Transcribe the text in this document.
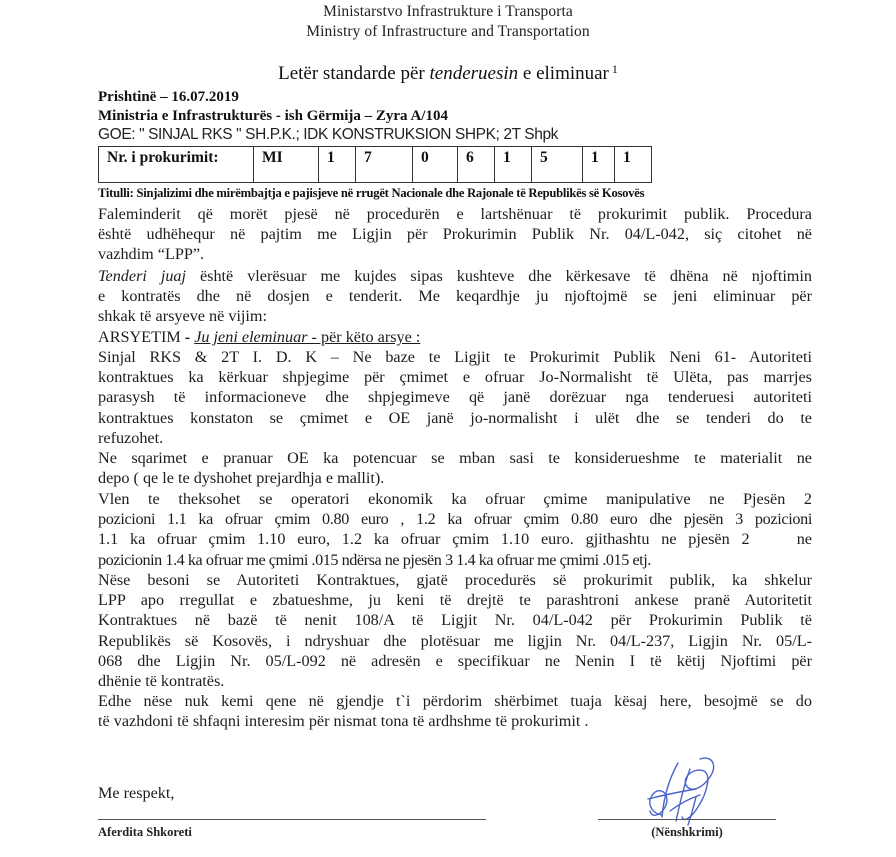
Ministarstvo Infrastrukture i Transporta
Ministry of Infrastructure and Transportation
Letër standarde për tenderuesin e eliminuar $^1$
Prishtinë – 16.07.2019
Ministria e Infrastrukturës - ish Gërmija – Zyra A/104
GOE: " SINJAL RKS " SH.P.K.; IDK KONSTRUKSION SHPK; 2T Shpk
Nr. i prokurimit:	MI	1	7	0	6	1	5	1	1
Titulli: Sinjalizimi dhe mirëmbajtja e pajisjeve në rrugët Nacionale dhe Rajonale të Republikës së Kosovës
Faleminderit që morët pjesë në procedurën e lartshënuar të prokurimit publik. Procedura
është udhëhequr në pajtim me Ligjin për Prokurimin Publik Nr. 04/L-042, siç citohet në
vazhdim “LPP”.
Tenderi juaj është vlerësuar me kujdes sipas kushteve dhe kërkesave të dhëna në njoftimin
e kontratës dhe në dosjen e tenderit. Me keqardhje ju njoftojmë se jeni eliminuar për
shkak të arsyeve në vijim:
ARSYETIM - Ju jeni eleminuar - për këto arsye :
Sinjal RKS & 2T I. D. K – Ne baze te Ligjit te Prokurimit Publik Neni 61- Autoriteti
kontraktues ka kërkuar shpjegime për çmimet e ofruar Jo-Normalisht të Ulëta, pas marrjes
parasysh të informacioneve dhe shpjegimeve që janë dorëzuar nga tenderuesi autoriteti
kontraktues konstaton se çmimet e OE janë jo-normalisht i ulët dhe se tenderi do te
refuzohet.
Ne sqarimet e pranuar OE ka potencuar se mban sasi te konsiderueshme te materialit ne
depo ( qe le te dyshohet prejardhja e mallit).
Vlen te theksohet se operatori ekonomik ka ofruar çmime manipulative ne Pjesën 2
pozicioni 1.1 ka ofruar çmim 0.80 euro , 1.2 ka ofruar çmim 0.80 euro dhe pjesën 3 pozicioni
1.1 ka ofruar çmim 1.10 euro, 1.2 ka ofruar çmim 1.10 euro. gjithashtu ne pjesën 2    ne
pozicionin 1.4 ka ofruar me çmimi .015 ndërsa ne pjesën 3 1.4 ka ofruar me çmimi .015 etj.
Nëse besoni se Autoriteti Kontraktues, gjatë procedurës së prokurimit publik, ka shkelur
LPP apo rregullat e zbatueshme, ju keni të drejtë te parashtroni ankese pranë Autoritetit
Kontraktues në bazë të nenit 108/A të Ligjit Nr. 04/L-042 për Prokurimin Publik të
Republikës së Kosovës, i ndryshuar dhe plotësuar me ligjin Nr. 04/L-237, Ligjin Nr. 05/L-
068 dhe Ligjin Nr. 05/L-092 në adresën e specifikuar ne Nenin I të këtij Njoftimi për
dhënie të kontratës.
Edhe nëse nuk kemi qene në gjendje t`i përdorim shërbimet tuaja kësaj here, besojmë se do
të vazhdoni të shfaqni interesim për nismat tona të ardhshme të prokurimit .
Me respekt,
Aferdita Shkoreti	(Nënshkrimi)
